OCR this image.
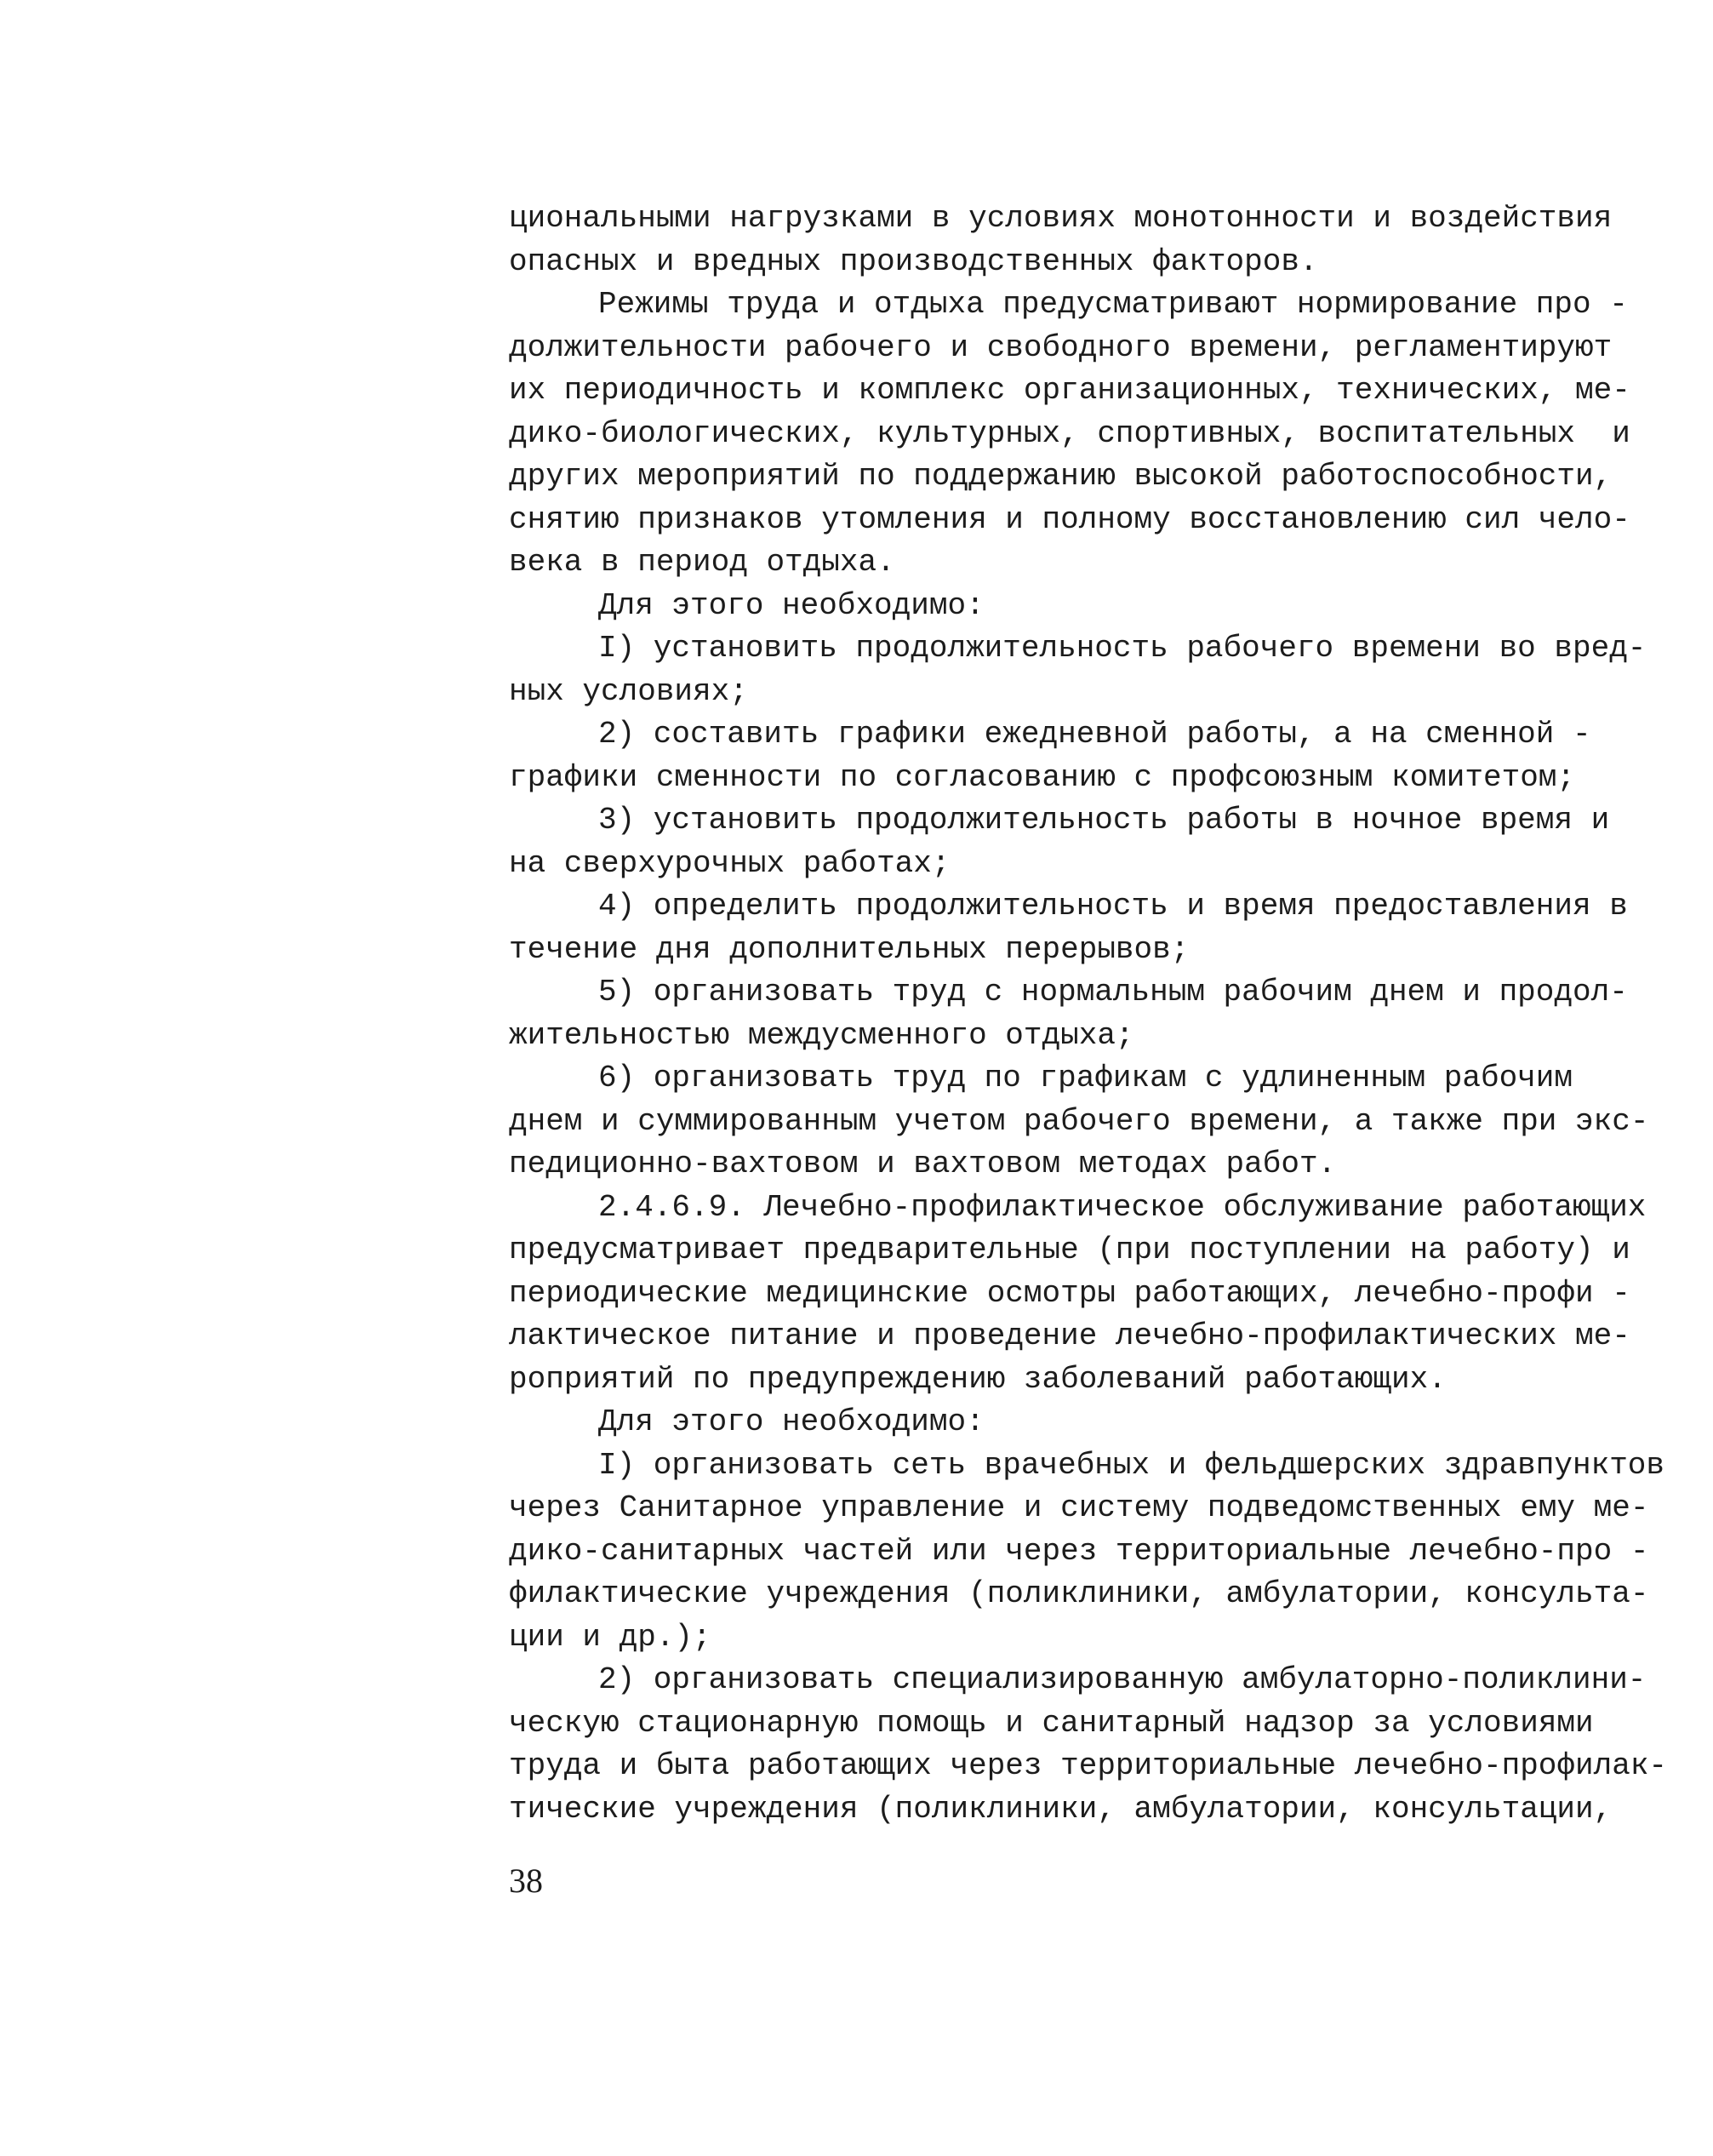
циональными нагрузками в условиях монотонности и воздействия
опасных и вредных производственных факторов.
Режимы труда и отдыха предусматривают нормирование про -
должительности рабочего и свободного времени, регламентируют
их периодичность и комплекс организационных, технических, ме-
дико-биологических, культурных, спортивных, воспитательных  и
других мероприятий по поддержанию высокой работоспособности,
снятию признаков утомления и полному восстановлению сил чело-
века в период отдыха.
Для этого необходимо:
I) установить продолжительность рабочего времени во вред-
ных условиях;
2) составить графики ежедневной работы, а на сменной -
графики сменности по согласованию с профсоюзным комитетом;
3) установить продолжительность работы в ночное время и
на сверхурочных работах;
4) определить продолжительность и время предоставления в
течение дня дополнительных перерывов;
5) организовать труд с нормальным рабочим днем и продол-
жительностью междусменного отдыха;
6) организовать труд по графикам с удлиненным рабочим
днем и суммированным учетом рабочего времени, а также при экс-
педиционно-вахтовом и вахтовом методах работ.
2.4.6.9. Лечебно-профилактическое обслуживание работающих
предусматривает предварительные (при поступлении на работу) и
периодические медицинские осмотры работающих, лечебно-профи -
лактическое питание и проведение лечебно-профилактических ме-
роприятий по предупреждению заболеваний работающих.
Для этого необходимо:
I) организовать сеть врачебных и фельдшерских здравпунктов
через Санитарное управление и систему подведомственных ему ме-
дико-санитарных частей или через территориальные лечебно-про -
филактические учреждения (поликлиники, амбулатории, консульта-
ции и др.);
2) организовать специализированную амбулаторно-поликлини-
ческую стационарную помощь и санитарный надзор за условиями
труда и быта работающих через территориальные лечебно-профилак-
тические учреждения (поликлиники, амбулатории, консультации,
38
